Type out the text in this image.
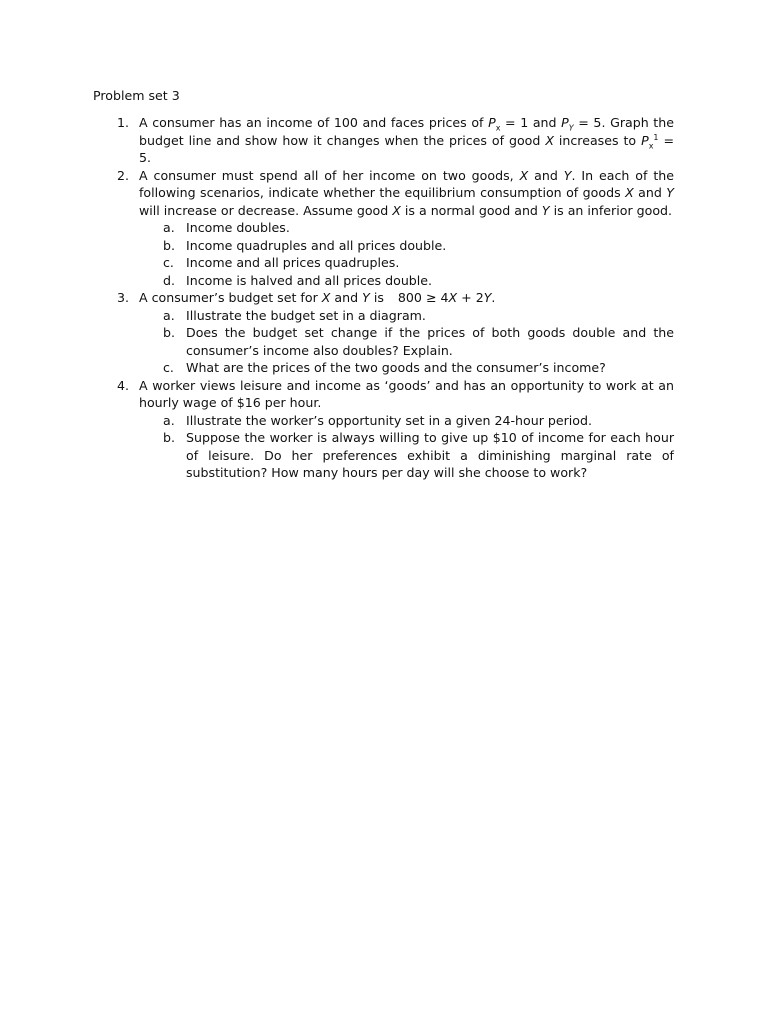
Problem set 3
1. A consumer has an income of 100 and faces prices of $P_x = 1$ and $P_Y = 5$. Graph the budget line and show how it changes when the prices of good X increases to $P_x^1 = 5$.
2. A consumer must spend all of her income on two goods, X and Y. In each of the following scenarios, indicate whether the equilibrium consumption of goods X and Y will increase or decrease. Assume good X is a normal good and Y is an inferior good.
a. Income doubles.
b. Income quadruples and all prices double.
c. Income and all prices quadruples.
d. Income is halved and all prices double.
3. A consumer’s budget set for X and Y is 800 ≥ 4X + 2Y.
a. Illustrate the budget set in a diagram.
b. Does the budget set change if the prices of both goods double and the consumer’s income also doubles? Explain.
c. What are the prices of the two goods and the consumer’s income?
4. A worker views leisure and income as ‘goods’ and has an opportunity to work at an hourly wage of $16 per hour.
a. Illustrate the worker’s opportunity set in a given 24-hour period.
b. Suppose the worker is always willing to give up $10 of income for each hour of leisure. Do her preferences exhibit a diminishing marginal rate of substitution? How many hours per day will she choose to work?
